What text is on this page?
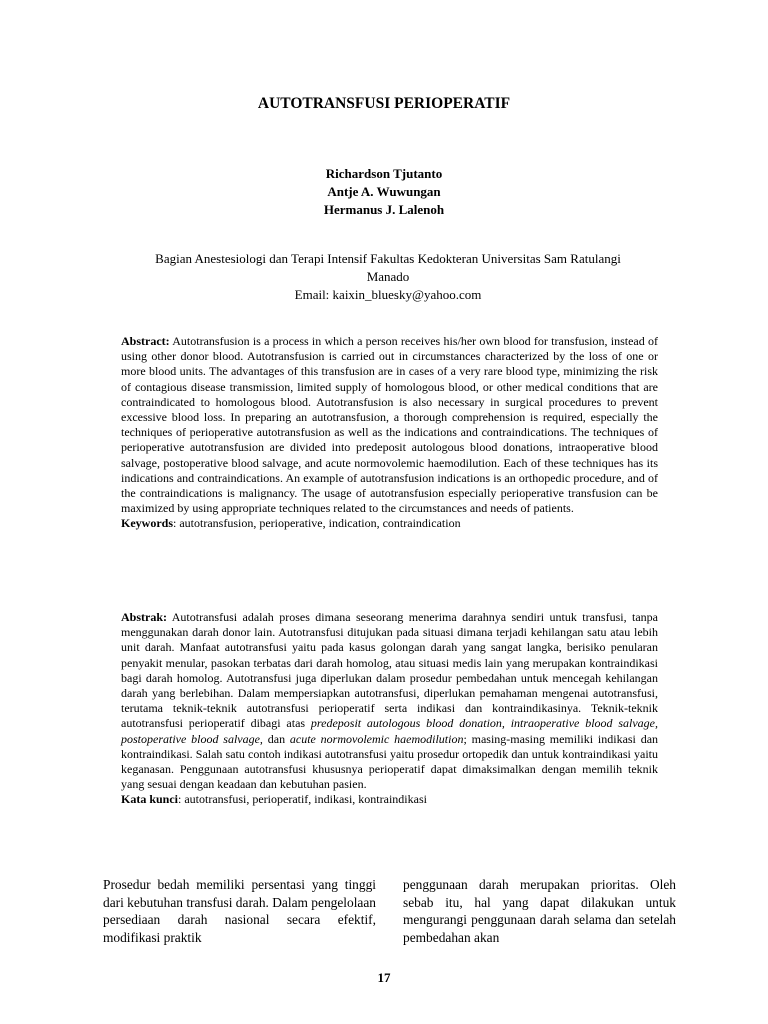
AUTOTRANSFUSI PERIOPERATIF
Richardson Tjutanto
Antje A. Wuwungan
Hermanus J. Lalenoh
Bagian Anestesiologi dan Terapi Intensif Fakultas Kedokteran Universitas Sam Ratulangi
Manado
Email: kaixin_bluesky@yahoo.com
Abstract: Autotransfusion is a process in which a person receives his/her own blood for transfusion, instead of using other donor blood. Autotransfusion is carried out in circumstances characterized by the loss of one or more blood units. The advantages of this transfusion are in cases of a very rare blood type, minimizing the risk of contagious disease transmission, limited supply of homologous blood, or other medical conditions that are contraindicated to homologous blood. Autotransfusion is also necessary in surgical procedures to prevent excessive blood loss. In preparing an autotransfusion, a thorough comprehension is required, especially the techniques of perioperative autotransfusion as well as the indications and contraindications. The techniques of perioperative autotransfusion are divided into predeposit autologous blood donations, intraoperative blood salvage, postoperative blood salvage, and acute normovolemic haemodilution. Each of these techniques has its indications and contraindications. An example of autotransfusion indications is an orthopedic procedure, and of the contraindications is malignancy. The usage of autotransfusion especially perioperative transfusion can be maximized by using appropriate techniques related to the circumstances and needs of patients.
Keywords: autotransfusion, perioperative, indication, contraindication
Abstrak: Autotransfusi adalah proses dimana seseorang menerima darahnya sendiri untuk transfusi, tanpa menggunakan darah donor lain. Autotransfusi ditujukan pada situasi dimana terjadi kehilangan satu atau lebih unit darah. Manfaat autotransfusi yaitu pada kasus golongan darah yang sangat langka, berisiko penularan penyakit menular, pasokan terbatas dari darah homolog, atau situasi medis lain yang merupakan kontraindikasi bagi darah homolog. Autotransfusi juga diperlukan dalam prosedur pembedahan untuk mencegah kehilangan darah yang berlebihan. Dalam mempersiapkan autotransfusi, diperlukan pemahaman mengenai autotransfusi, terutama teknik-teknik autotransfusi perioperatif serta indikasi dan kontraindikasinya. Teknik-teknik autotransfusi perioperatif dibagi atas predeposit autologous blood donation, intraoperative blood salvage, postoperative blood salvage, dan acute normovolemic haemodilution; masing-masing memiliki indikasi dan kontraindikasi. Salah satu contoh indikasi autotransfusi yaitu prosedur ortopedik dan untuk kontraindikasi yaitu keganasan. Penggunaan autotransfusi khususnya perioperatif dapat dimaksimalkan dengan memilih teknik yang sesuai dengan keadaan dan kebutuhan pasien.
Kata kunci: autotransfusi, perioperatif, indikasi, kontraindikasi

Prosedur bedah memiliki persentasi yang tinggi dari kebutuhan transfusi darah. Dalam pengelolaan persediaan darah nasional secara efektif, modifikasi praktik

penggunaan darah merupakan prioritas. Oleh sebab itu, hal yang dapat dilakukan untuk mengurangi penggunaan darah selama dan setelah pembedahan akan

17
